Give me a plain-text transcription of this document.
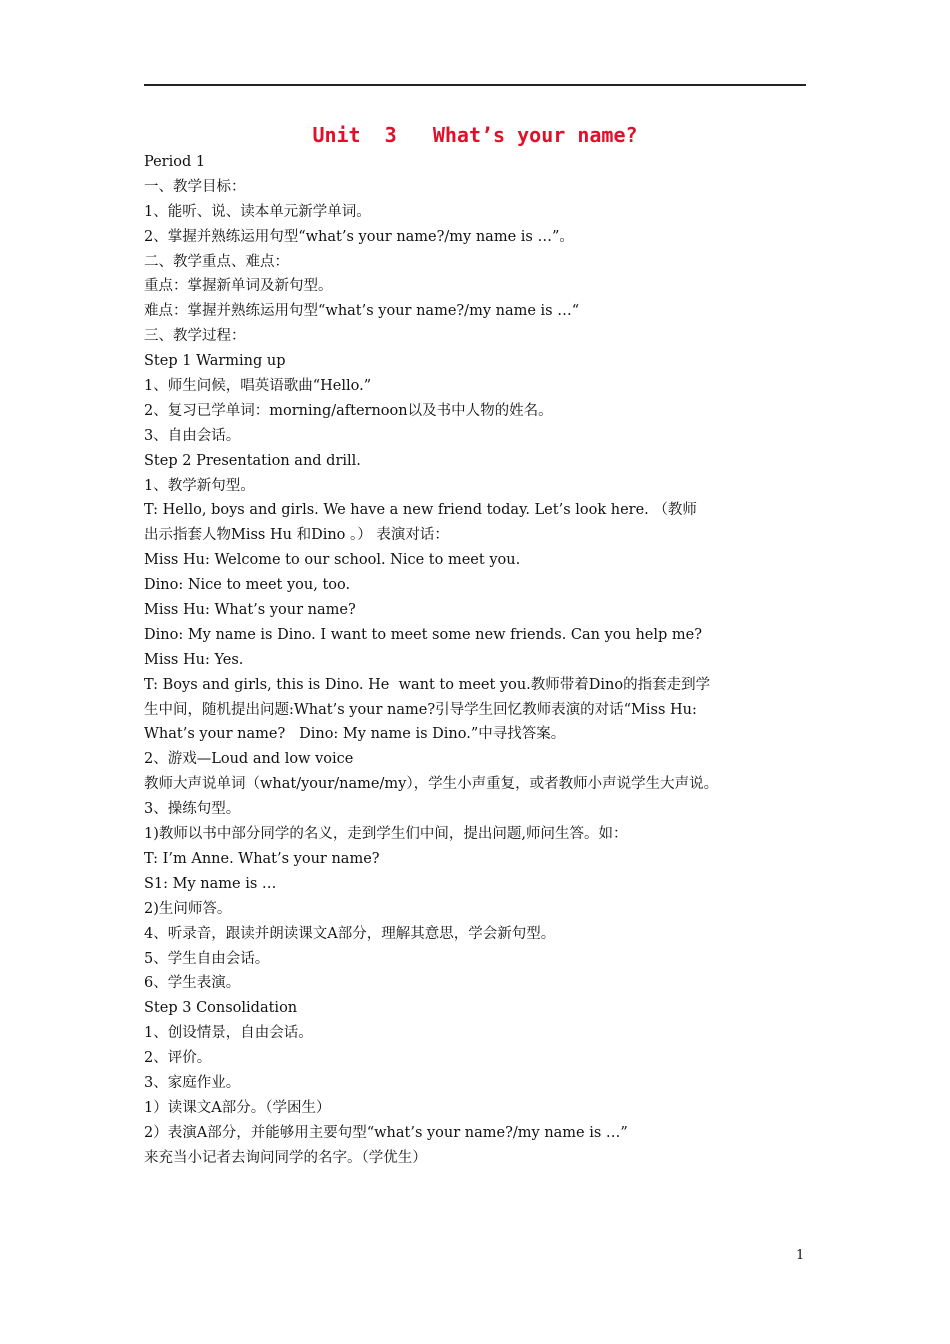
Unit  3   What’s your name?
Period 1
一、教学目标：
1、能听、说、读本单元新学单词。
2、掌握并熟练运用句型“what’s your name?/my name is …”。
二、教学重点、难点：
重点：掌握新单词及新句型。
难点：掌握并熟练运用句型“what’s your name?/my name is …“
三、教学过程：
Step 1 Warming up
1、师生问候，唱英语歌曲“Hello.”
2、复习已学单词：morning/afternoon以及书中人物的姓名。
3、自由会话。
Step 2 Presentation and drill.
1、教学新句型。
T: Hello, boys and girls. We have a new friend today. Let’s look here. （教师
出示指套人物Miss Hu 和Dino 。） 表演对话：
Miss Hu: Welcome to our school. Nice to meet you.
Dino: Nice to meet you, too.
Miss Hu: What’s your name?
Dino: My name is Dino. I want to meet some new friends. Can you help me?
Miss Hu: Yes.
T: Boys and girls, this is Dino. He  want to meet you.教师带着Dino的指套走到学
生中间，随机提出问题:What’s your name?引导学生回忆教师表演的对话“Miss Hu:
What’s your name?   Dino: My name is Dino.”中寻找答案。
2、游戏—Loud and low voice
教师大声说单词（what/your/name/my），学生小声重复，或者教师小声说学生大声说。
3、操练句型。
1)教师以书中部分同学的名义，走到学生们中间，提出问题,师问生答。如：
T: I’m Anne. What’s your name?
S1: My name is …
2)生问师答。
4、听录音，跟读并朗读课文A部分，理解其意思，学会新句型。
5、学生自由会话。
6、学生表演。
Step 3 Consolidation
1、创设情景，自由会话。
2、评价。
3、家庭作业。
1）读课文A部分。（学困生）
2）表演A部分，并能够用主要句型“what’s your name?/my name is …”
来充当小记者去询问同学的名字。（学优生）
1
